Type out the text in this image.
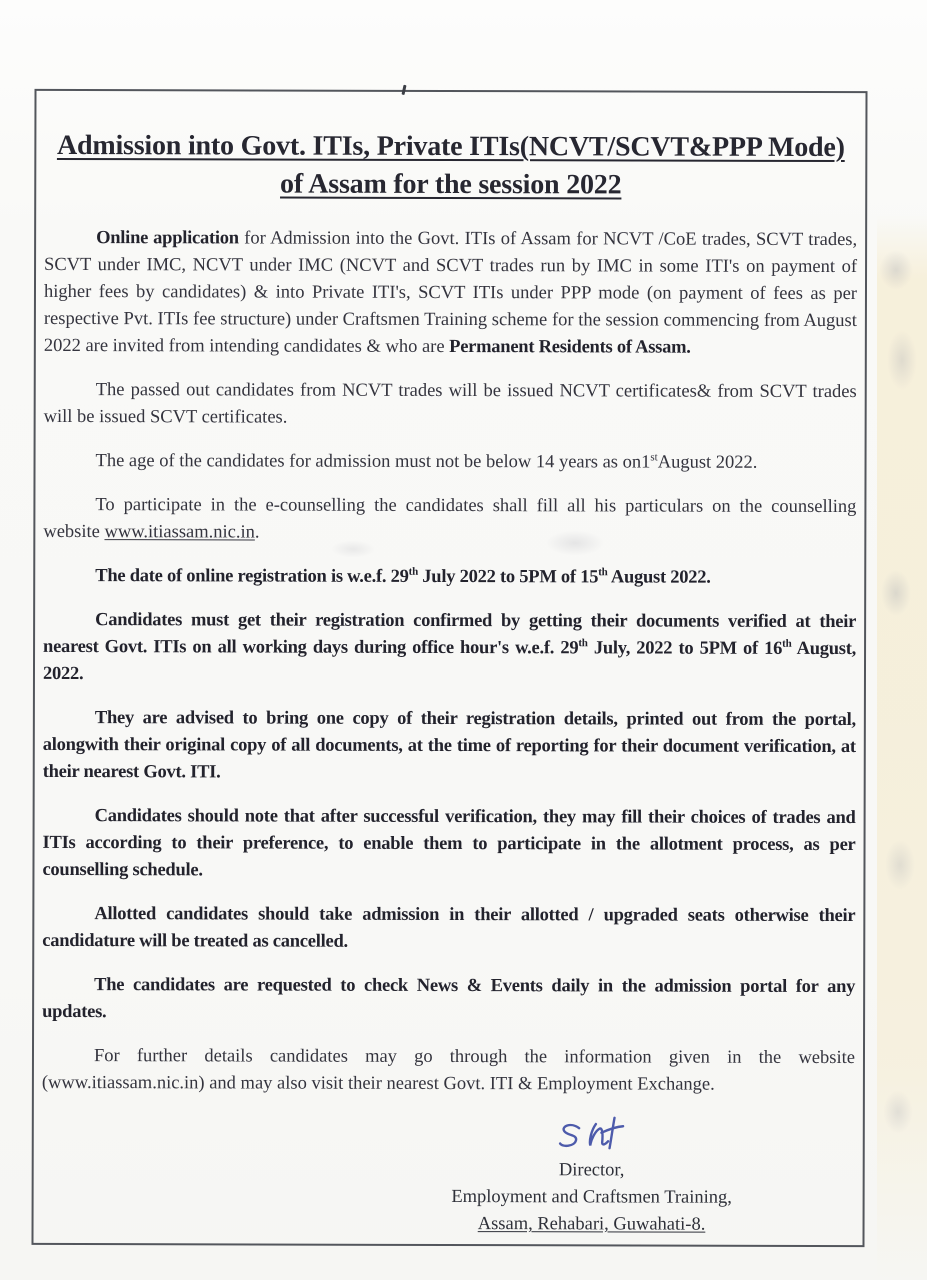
Admission into Govt. ITIs, Private ITIs(NCVT/SCVT&PPP Mode)
of Assam for the session 2022

Online application for Admission into the Govt. ITIs of Assam for NCVT /CoE trades, SCVT trades, SCVT under IMC, NCVT under IMC (NCVT and SCVT trades run by IMC in some ITI's on payment of higher fees by candidates) & into Private ITI's, SCVT ITIs under PPP mode (on payment of fees as per respective Pvt. ITIs fee structure) under Craftsmen Training scheme for the session commencing from August 2022 are invited from intending candidates & who are Permanent Residents of Assam.

The passed out candidates from NCVT trades will be issued NCVT certificates& from SCVT trades will be issued SCVT certificates.

The age of the candidates for admission must not be below 14 years as on1stAugust 2022.

To participate in the e-counselling the candidates shall fill all his particulars on the counselling website www.itiassam.nic.in.

The date of online registration is w.e.f. 29th July 2022 to 5PM of 15th August 2022.

Candidates must get their registration confirmed by getting their documents verified at their nearest Govt. ITIs on all working days during office hour's w.e.f. 29th July, 2022 to 5PM of 16th August, 2022.

They are advised to bring one copy of their registration details, printed out from the portal, alongwith their original copy of all documents, at the time of reporting for their document verification, at their nearest Govt. ITI.

Candidates should note that after successful verification, they may fill their choices of trades and ITIs according to their preference, to enable them to participate in the allotment process, as per counselling schedule.

Allotted candidates should take admission in their allotted / upgraded seats otherwise their candidature will be treated as cancelled.

The candidates are requested to check News & Events daily in the admission portal for any updates.

For further details candidates may go through the information given in the website (www.itiassam.nic.in) and may also visit their nearest Govt. ITI & Employment Exchange.

Director,
Employment and Craftsmen Training,
Assam, Rehabari, Guwahati-8.
